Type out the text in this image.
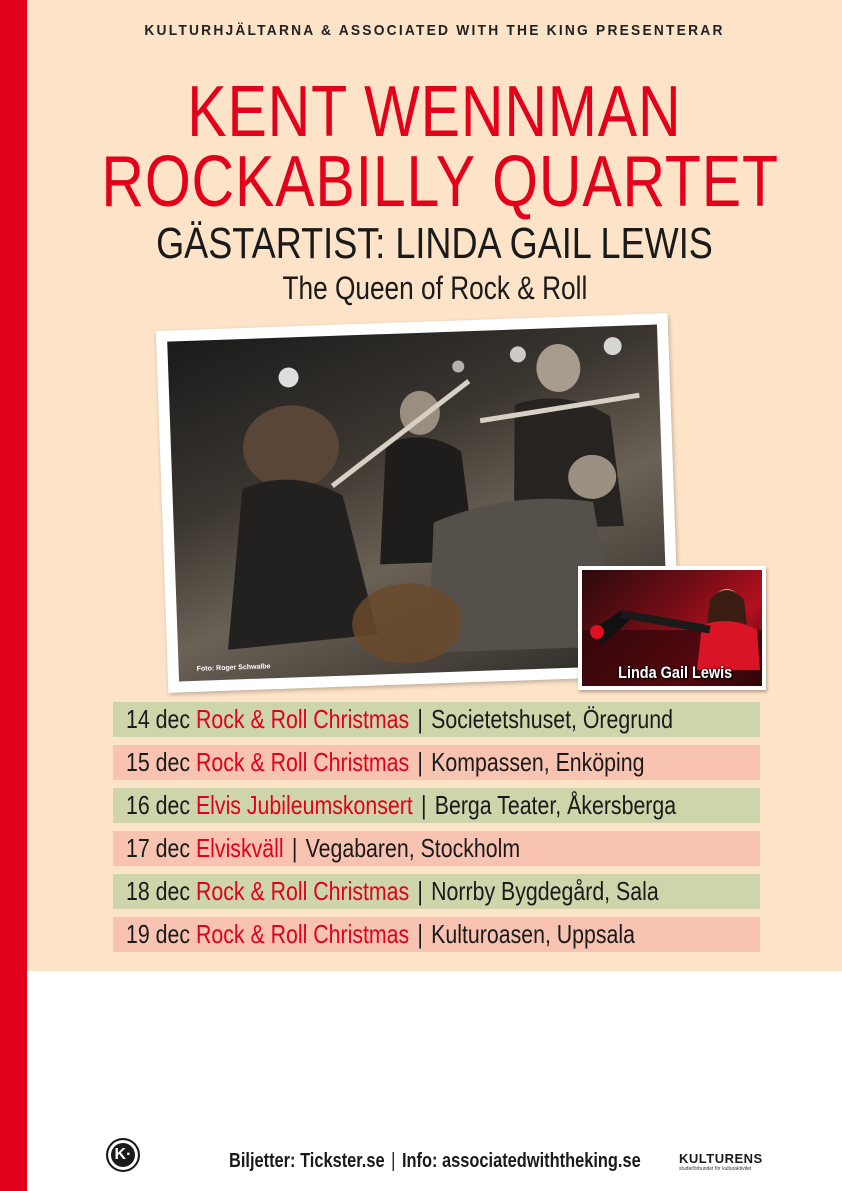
KULTURHJÄLTARNA & ASSOCIATED WITH THE KING PRESENTERAR
KENT WENNMAN
ROCKABILLY QUARTET
GÄSTARTIST: LINDA GAIL LEWIS
The Queen of Rock & Roll
Foto: Roger Schwalbe	Linda Gail Lewis
14 dec Rock & Roll Christmas | Societetshuset, Öregrund
15 dec Rock & Roll Christmas | Kompassen, Enköping
16 dec Elvis Jubileumskonsert | Berga Teater, Åkersberga
17 dec Elviskväll | Vegabaren, Stockholm
18 dec Rock & Roll Christmas | Norrby Bygdegård, Sala
19 dec Rock & Roll Christmas | Kulturoasen, Uppsala
K·	Biljetter: Tickster.se | Info: associatedwiththeking.se	KULTURENS
studieförbundet för kulturaktivitet
